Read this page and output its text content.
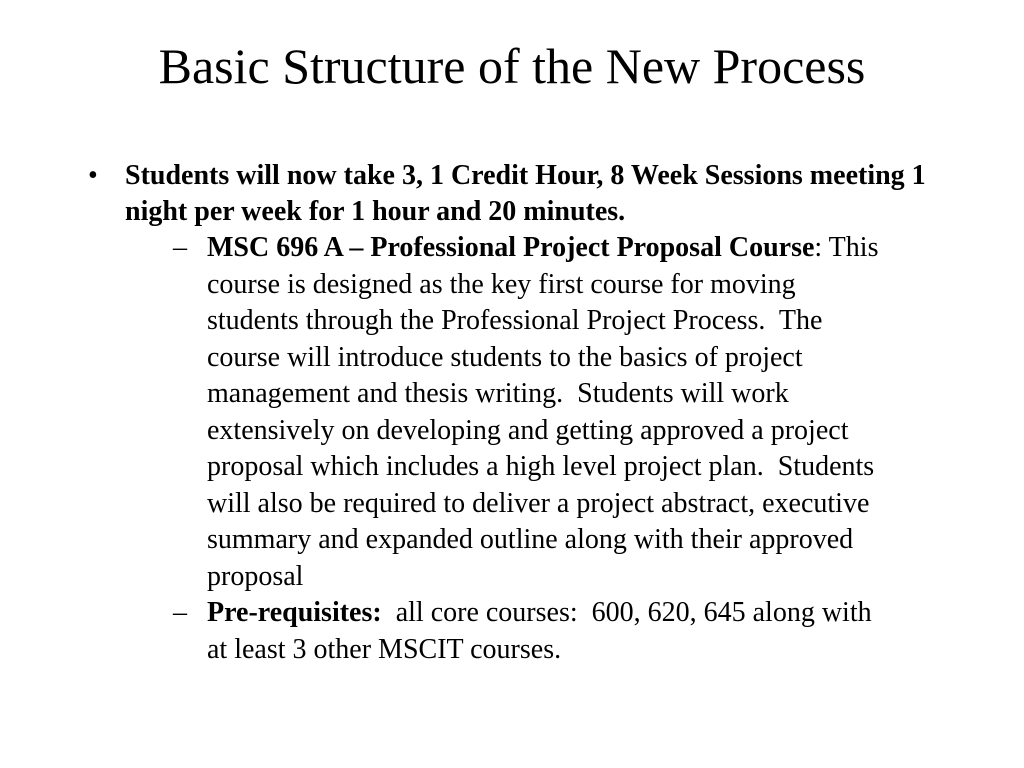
Basic Structure of the New Process
• Students will now take 3, 1 Credit Hour, 8 Week Sessions meeting 1 night per week for 1 hour and 20 minutes.
– MSC 696 A – Professional Project Proposal Course: This course is designed as the key first course for moving students through the Professional Project Process.  The course will introduce students to the basics of project management and thesis writing.  Students will work extensively on developing and getting approved a project proposal which includes a high level project plan.  Students will also be required to deliver a project abstract, executive summary and expanded outline along with their approved proposal
– Pre-requisites:  all core courses:  600, 620, 645 along with at least 3 other MSCIT courses.
